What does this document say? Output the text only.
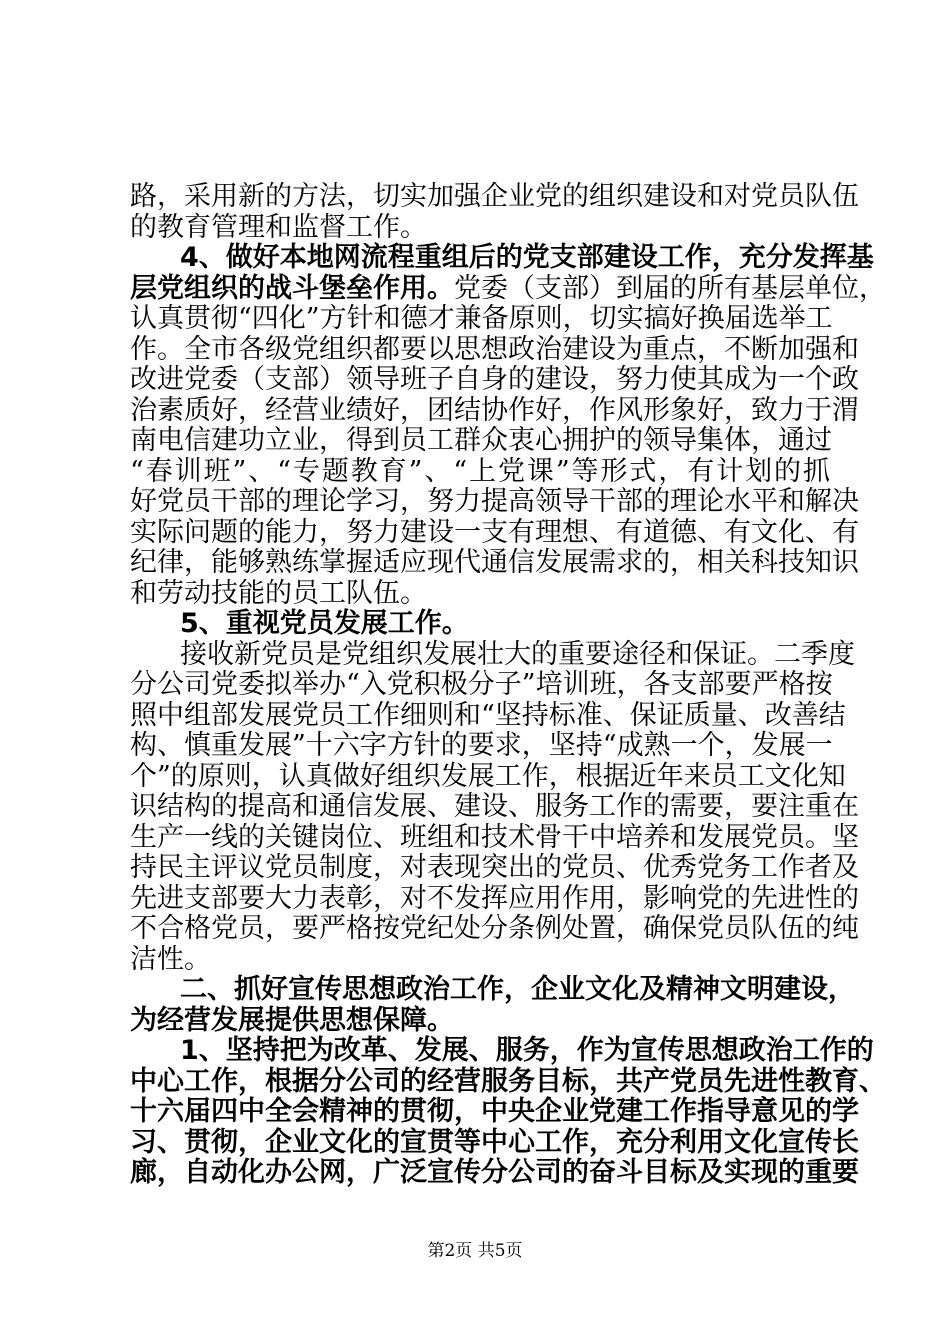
路，采用新的方法，切实加强企业党的组织建设和对党员队伍
的教育管理和监督工作。
4、做好本地网流程重组后的党支部建设工作，充分发挥基
层党组织的战斗堡垒作用。党委（支部）到届的所有基层单位，
认真贯彻“四化”方针和德才兼备原则，切实搞好换届选举工
作。全市各级党组织都要以思想政治建设为重点，不断加强和
改进党委（支部）领导班子自身的建设，努力使其成为一个政
治素质好，经营业绩好，团结协作好，作风形象好，致力于渭
南电信建功立业，得到员工群众衷心拥护的领导集体，通过
“春训班”、“专题教育”、“上党课”等形式，有计划的抓
好党员干部的理论学习，努力提高领导干部的理论水平和解决
实际问题的能力，努力建设一支有理想、有道德、有文化、有
纪律，能够熟练掌握适应现代通信发展需求的，相关科技知识
和劳动技能的员工队伍。
5、重视党员发展工作。
接收新党员是党组织发展壮大的重要途径和保证。二季度
分公司党委拟举办“入党积极分子”培训班，各支部要严格按
照中组部发展党员工作细则和“坚持标准、保证质量、改善结
构、慎重发展”十六字方针的要求，坚持“成熟一个，发展一
个”的原则，认真做好组织发展工作，根据近年来员工文化知
识结构的提高和通信发展、建设、服务工作的需要，要注重在
生产一线的关键岗位、班组和技术骨干中培养和发展党员。坚
持民主评议党员制度，对表现突出的党员、优秀党务工作者及
先进支部要大力表彰，对不发挥应用作用，影响党的先进性的
不合格党员，要严格按党纪处分条例处置，确保党员队伍的纯
洁性。
二、抓好宣传思想政治工作，企业文化及精神文明建设，
为经营发展提供思想保障。
1、坚持把为改革、发展、服务，作为宣传思想政治工作的
中心工作，根据分公司的经营服务目标，共产党员先进性教育、
十六届四中全会精神的贯彻，中央企业党建工作指导意见的学
习、贯彻，企业文化的宣贯等中心工作，充分利用文化宣传长
廊，自动化办公网，广泛宣传分公司的奋斗目标及实现的重要
第2页 共5页
